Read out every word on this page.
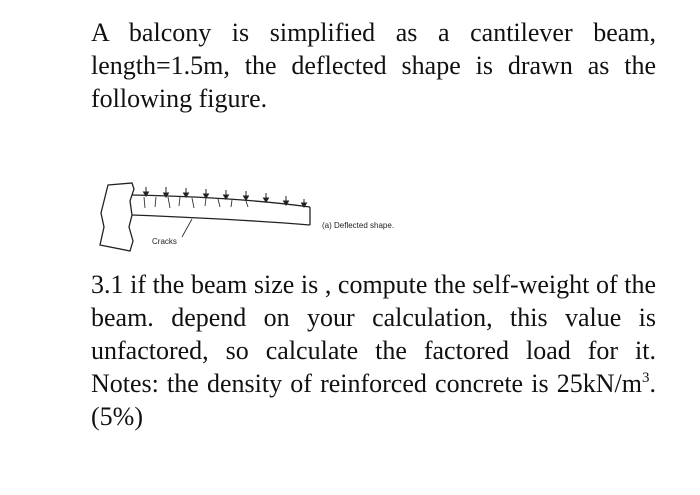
A balcony is simplified as a cantilever beam, length=1.5m, the deflected shape is drawn as the following figure.

(a) Deflected shape.
Cracks

3.1 if the beam size is , compute the self-weight of the beam. depend on your calculation, this value is unfactored, so calculate the factored load for it. Notes: the density of reinforced concrete is $25kN/m^3$. (5%)
